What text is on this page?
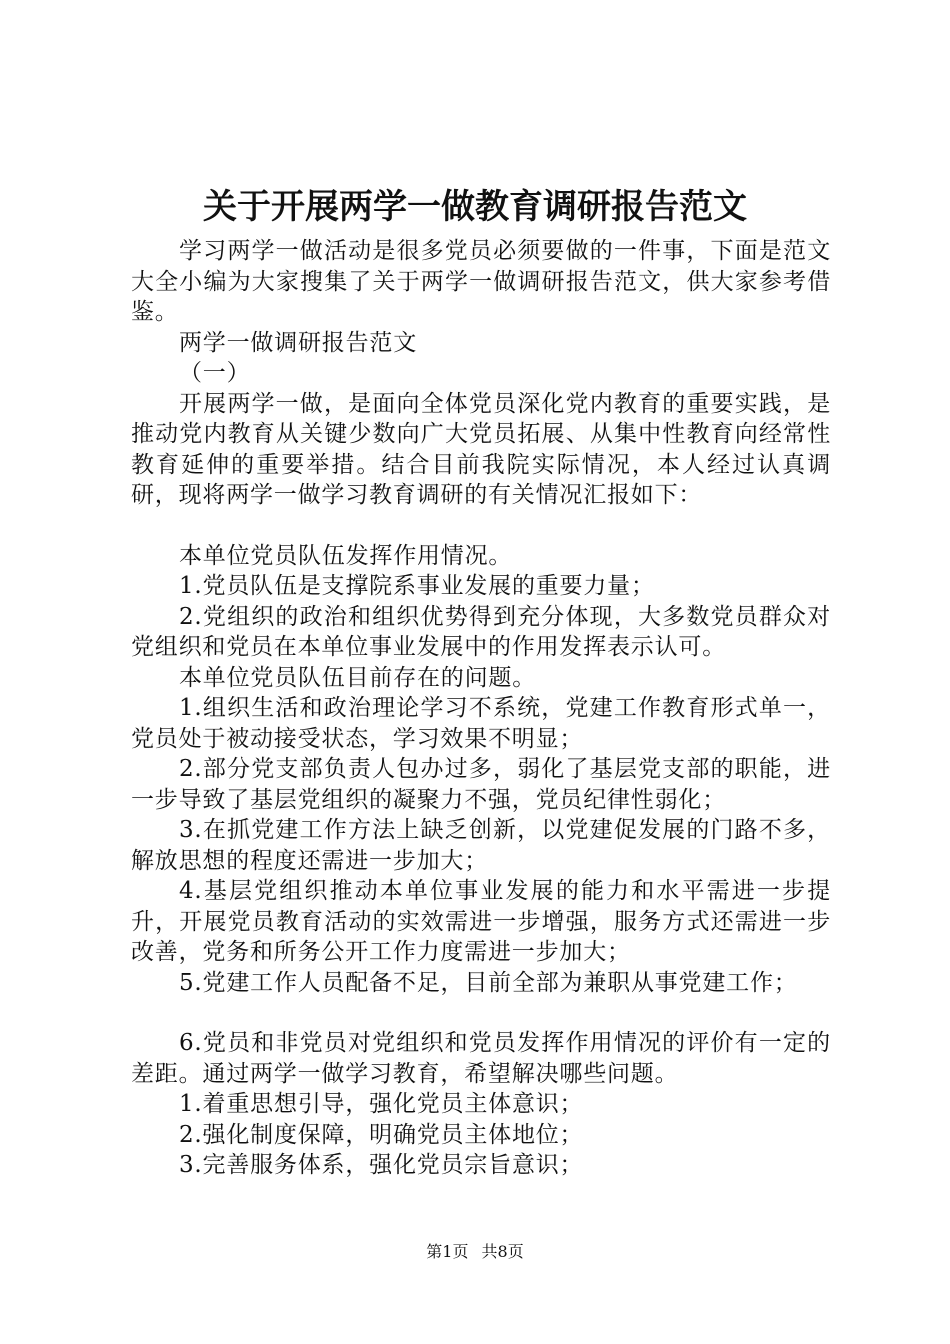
关于开展两学一做教育调研报告范文

学习两学一做活动是很多党员必须要做的一件事，下面是范文大全小编为大家搜集了关于两学一做调研报告范文，供大家参考借鉴。

两学一做调研报告范文

（一）

开展两学一做，是面向全体党员深化党内教育的重要实践，是推动党内教育从关键少数向广大党员拓展、从集中性教育向经常性教育延伸的重要举措。结合目前我院实际情况，本人经过认真调研，现将两学一做学习教育调研的有关情况汇报如下：

本单位党员队伍发挥作用情况。

1.党员队伍是支撑院系事业发展的重要力量；

2.党组织的政治和组织优势得到充分体现，大多数党员群众对党组织和党员在本单位事业发展中的作用发挥表示认可。

本单位党员队伍目前存在的问题。

1.组织生活和政治理论学习不系统，党建工作教育形式单一，党员处于被动接受状态，学习效果不明显；

2.部分党支部负责人包办过多，弱化了基层党支部的职能，进一步导致了基层党组织的凝聚力不强，党员纪律性弱化；

3.在抓党建工作方法上缺乏创新，以党建促发展的门路不多，解放思想的程度还需进一步加大；

4.基层党组织推动本单位事业发展的能力和水平需进一步提升，开展党员教育活动的实效需进一步增强，服务方式还需进一步改善，党务和所务公开工作力度需进一步加大；

5.党建工作人员配备不足，目前全部为兼职从事党建工作；

6.党员和非党员对党组织和党员发挥作用情况的评价有一定的差距。通过两学一做学习教育，希望解决哪些问题。

1.着重思想引导，强化党员主体意识；

2.强化制度保障，明确党员主体地位；

3.完善服务体系，强化党员宗旨意识；

第1页 共8页
